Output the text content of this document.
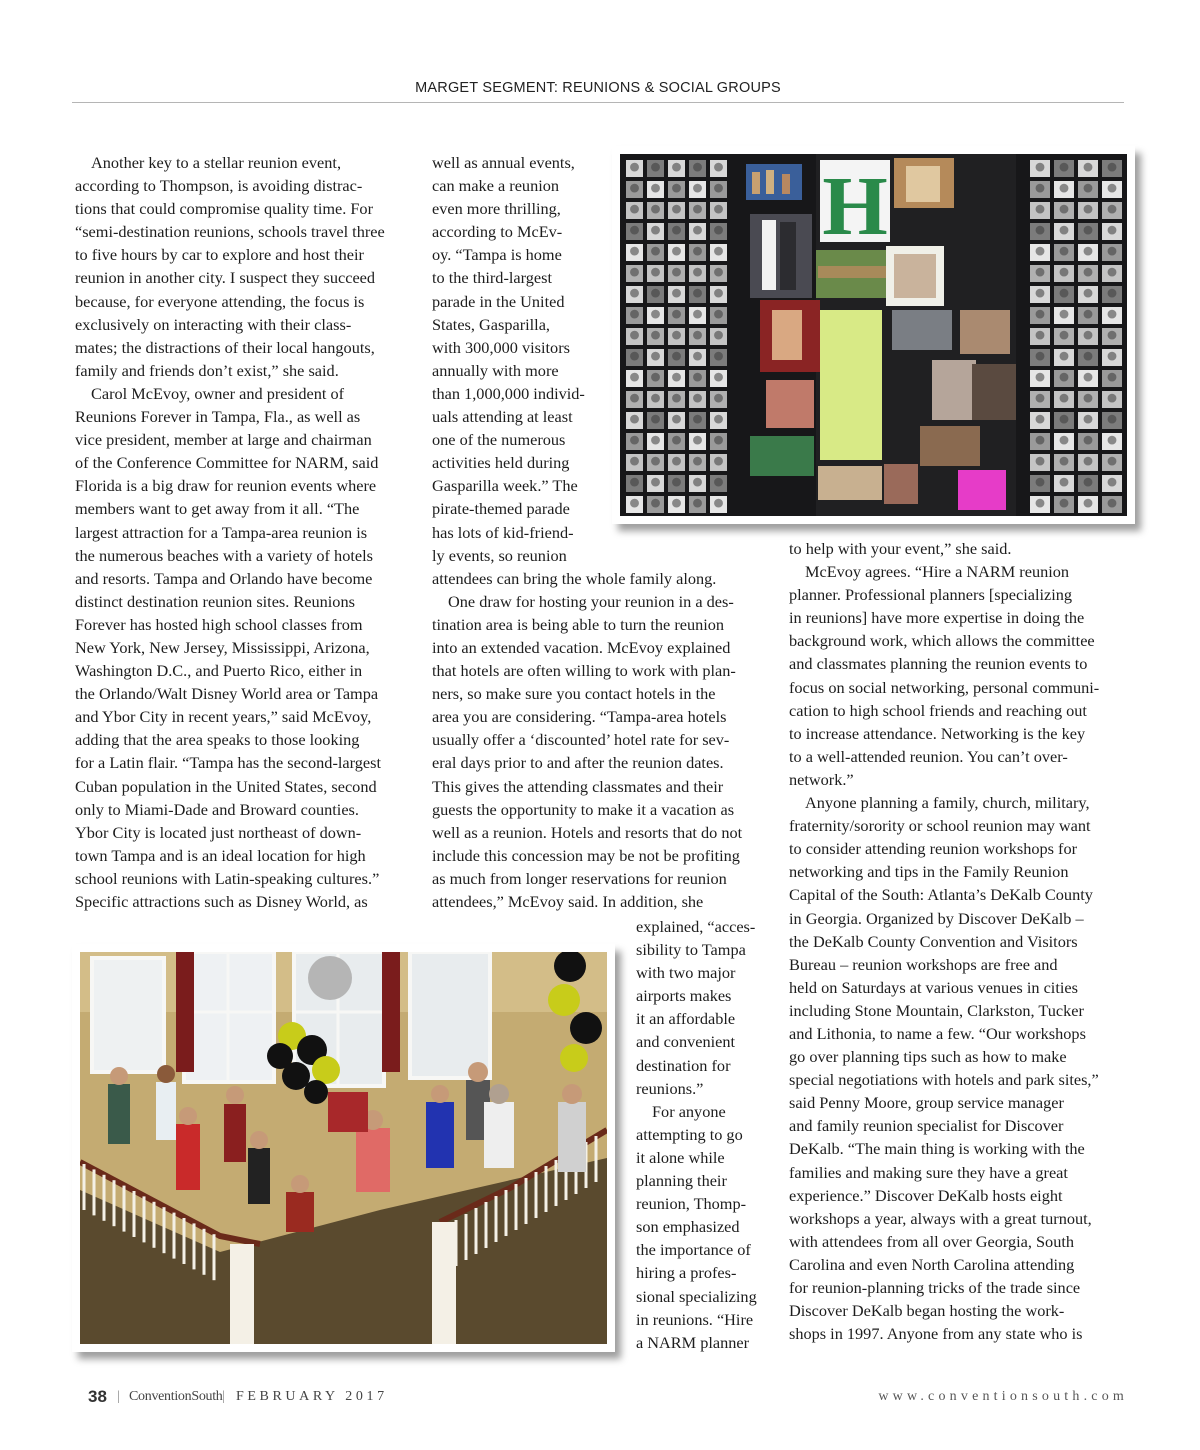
MARGET SEGMENT: REUNIONS & SOCIAL GROUPS
Another key to a stellar reunion event,
according to Thompson, is avoiding distrac-
tions that could compromise quality time. For
“semi-destination reunions, schools travel three
to five hours by car to explore and host their
reunion in another city. I suspect they succeed
because, for everyone attending, the focus is
exclusively on interacting with their class-
mates; the distractions of their local hangouts,
family and friends don’t exist,” she said.
Carol McEvoy, owner and president of
Reunions Forever in Tampa, Fla., as well as
vice president, member at large and chairman
of the Conference Committee for NARM, said
Florida is a big draw for reunion events where
members want to get away from it all. “The
largest attraction for a Tampa-area reunion is
the numerous beaches with a variety of hotels
and resorts. Tampa and Orlando have become
distinct destination reunion sites. Reunions
Forever has hosted high school classes from
New York, New Jersey, Mississippi, Arizona,
Washington D.C., and Puerto Rico, either in
the Orlando/Walt Disney World area or Tampa
and Ybor City in recent years,” said McEvoy,
adding that the area speaks to those looking
for a Latin flair. “Tampa has the second-largest
Cuban population in the United States, second
only to Miami-Dade and Broward counties.
Ybor City is located just northeast of down-
town Tampa and is an ideal location for high
school reunions with Latin-speaking cultures.”
Specific attractions such as Disney World, as
well as annual events,
can make a reunion
even more thrilling,
according to McEv-
oy. “Tampa is home
to the third-largest
parade in the United
States, Gasparilla,
with 300,000 visitors
annually with more
than 1,000,000 individ-
uals attending at least
one of the numerous
activities held during
Gasparilla week.” The
pirate-themed parade
has lots of kid-friend-
ly events, so reunion
attendees can bring the whole family along.
One draw for hosting your reunion in a des-
tination area is being able to turn the reunion
into an extended vacation. McEvoy explained
that hotels are often willing to work with plan-
ners, so make sure you contact hotels in the
area you are considering. “Tampa-area hotels
usually offer a ‘discounted’ hotel rate for sev-
eral days prior to and after the reunion dates.
This gives the attending classmates and their
guests the opportunity to make it a vacation as
well as a reunion. Hotels and resorts that do not
include this concession may be not be profiting
as much from longer reservations for reunion
attendees,” McEvoy said. In addition, she
explained, “acces-
sibility to Tampa
with two major
airports makes
it an affordable
and convenient
destination for
reunions.”
For anyone
attempting to go
it alone while
planning their
reunion, Thomp-
son emphasized
the importance of
hiring a profes-
sional specializing
in reunions. “Hire
a NARM planner
to help with your event,” she said.
McEvoy agrees. “Hire a NARM reunion
planner. Professional planners [specializing
in reunions] have more expertise in doing the
background work, which allows the committee
and classmates planning the reunion events to
focus on social networking, personal communi-
cation to high school friends and reaching out
to increase attendance. Networking is the key
to a well-attended reunion. You can’t over-
network.”
Anyone planning a family, church, military,
fraternity/sorority or school reunion may want
to consider attending reunion workshops for
networking and tips in the Family Reunion
Capital of the South: Atlanta’s DeKalb County
in Georgia. Organized by Discover DeKalb –
the DeKalb County Convention and Visitors
Bureau – reunion workshops are free and
held on Saturdays at various venues in cities
including Stone Mountain, Clarkston, Tucker
and Lithonia, to name a few. “Our workshops
go over planning tips such as how to make
special negotiations with hotels and park sites,”
said Penny Moore, group service manager
and family reunion specialist for Discover
DeKalb. “The main thing is working with the
families and making sure they have a great
experience.” Discover DeKalb hosts eight
workshops a year, always with a great turnout,
with attendees from all over Georgia, South
Carolina and even North Carolina attending
for reunion-planning tricks of the trade since
Discover DeKalb began hosting the work-
shops in 1997. Anyone from any state who is
H
38 | ConventionSouth | FEBRUARY 2017	www.conventionsouth.com
